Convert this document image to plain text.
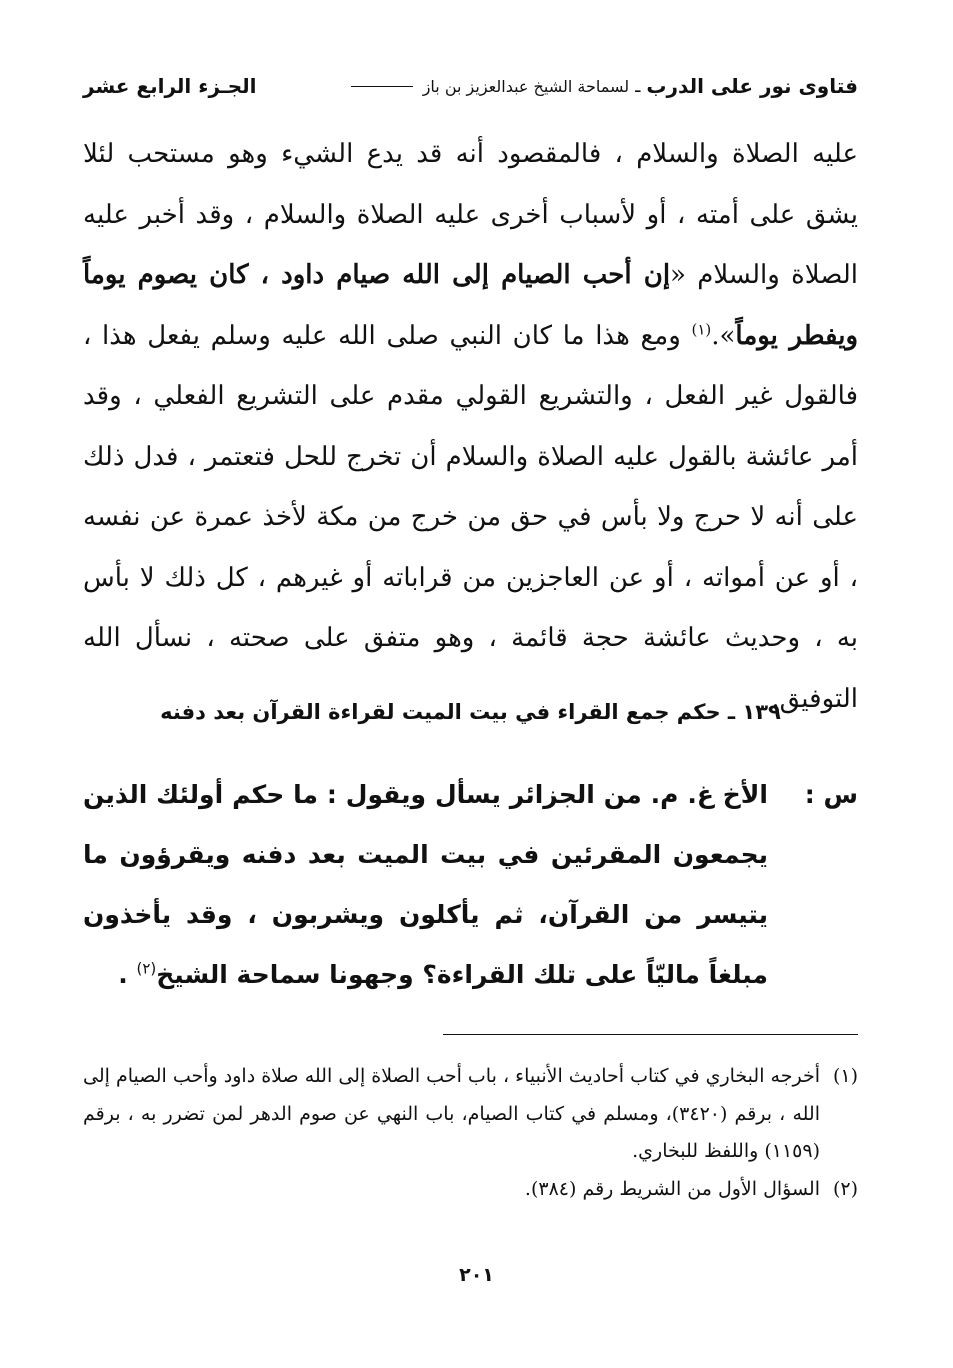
فتاوى نور على الدرب
ـ
لسماحة الشيخ عبدالعزيز بن باز
الجـزء الرابع عشر

عليه الصلاة والسلام ، فالمقصود أنه قد يدع الشيء وهو مستحب لئلا يشق على أمته ، أو لأسباب أخرى عليه الصلاة والسلام ، وقد أخبر عليه الصلاة والسلام «إن أحب الصيام إلى الله صيام داود ، كان يصوم يوماً ويفطر يوماً».$^{(١)}$ ومع هذا ما كان النبي صلى الله عليه وسلم يفعل هذا ، فالقول غير الفعل ، والتشريع القولي مقدم على التشريع الفعلي ، وقد أمر عائشة بالقول عليه الصلاة والسلام أن تخرج للحل فتعتمر ، فدل ذلك على أنه لا حرج ولا بأس في حق من خرج من مكة لأخذ عمرة عن نفسه ، أو عن أمواته ، أو عن العاجزين من قراباته أو غيرهم ، كل ذلك لا بأس به ، وحديث عائشة حجة قائمة ، وهو متفق على صحته ، نسأل الله التوفيق.

١٣٩ ـ حكم جمع القراء في بيت الميت لقراءة القرآن بعد دفنه

س :الأخ غ. م. من الجزائر يسأل ويقول : ما حكم أولئك الذين يجمعون المقرئين في بيت الميت بعد دفنه ويقرؤون ما يتيسر من القرآن، ثم يأكلون ويشربون ، وقد يأخذون مبلغاً ماليّاً على تلك القراءة؟ وجهونا سماحة الشيخ$^{(٢)}$ .

(١)
أخرجه البخاري في كتاب أحاديث الأنبياء ، باب أحب الصلاة إلى الله صلاة داود وأحب الصيام إلى الله ، برقم (٣٤٢٠)، ومسلم في كتاب الصيام، باب النهي عن صوم الدهر لمن تضرر به ، برقم (١١٥٩) واللفظ للبخاري.
(٢)
السؤال الأول من الشريط رقم (٣٨٤).
٢٠١
